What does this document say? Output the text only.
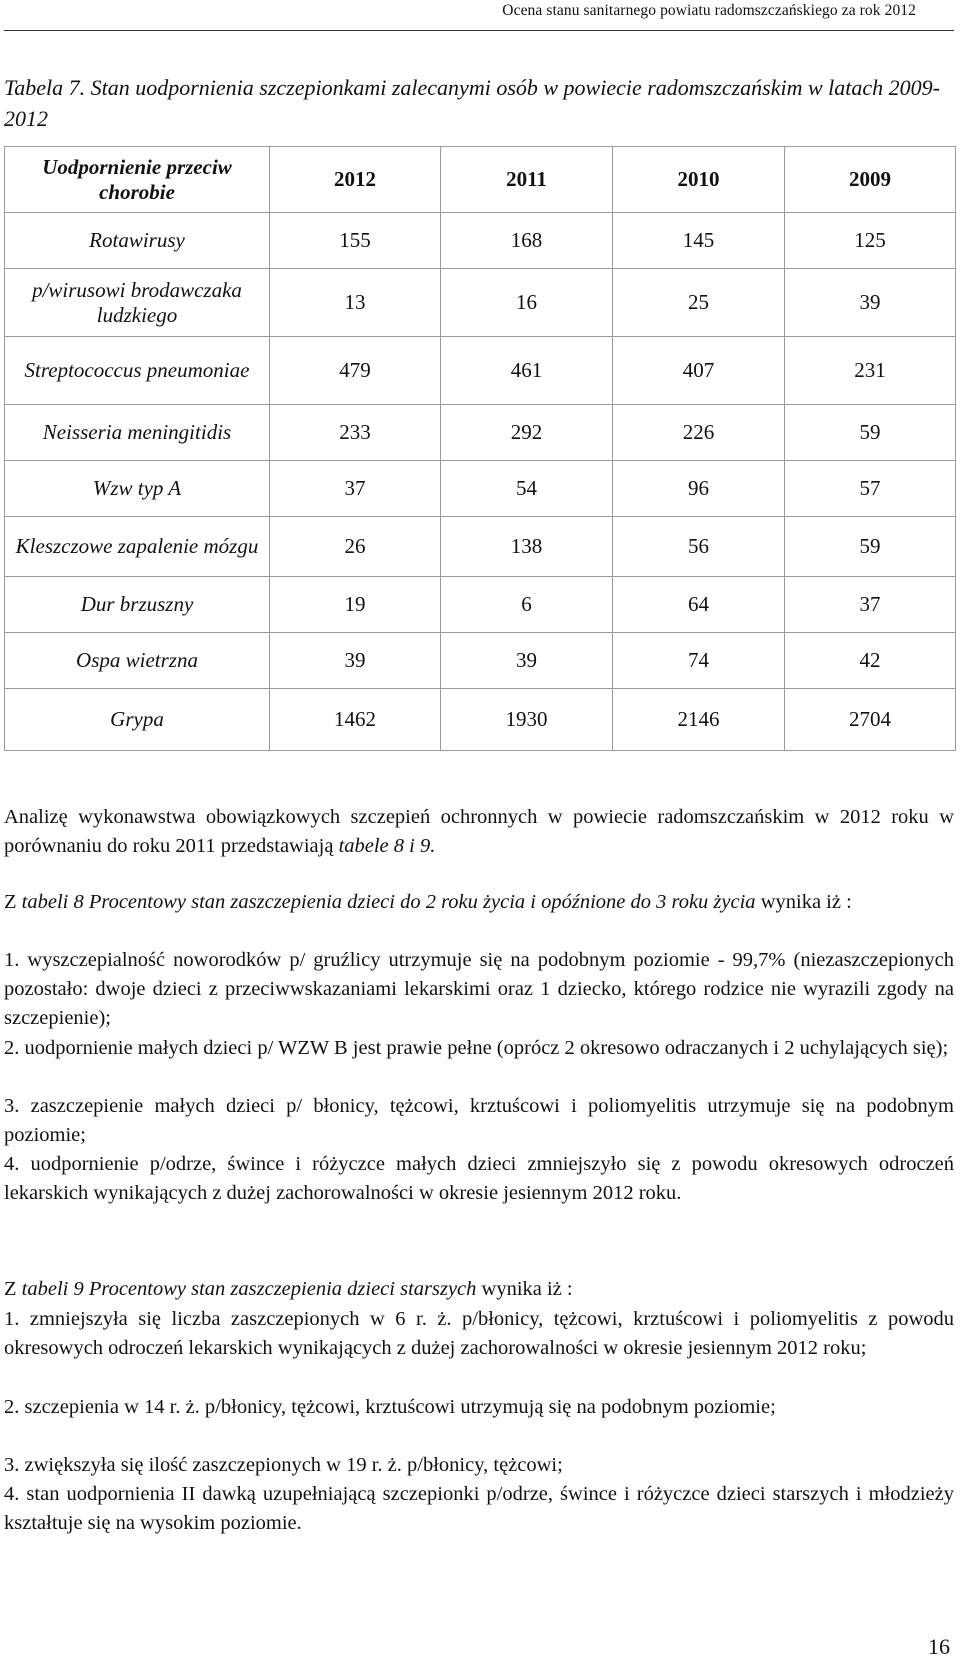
Ocena stanu sanitarnego powiatu radomszczańskiego za rok 2012
Tabela 7. Stan uodpornienia szczepionkami zalecanymi osób w powiecie radomszczańskim w latach 2009-2012
Uodpornienie przeciw chorobie	2012	2011	2010	2009
Rotawirusy	155	168	145	125
p/wirusowi brodawczaka ludzkiego	13	16	25	39
Streptococcus pneumoniae	479	461	407	231
Neisseria meningitidis	233	292	226	59
Wzw typ A	37	54	96	57
Kleszczowe zapalenie mózgu	26	138	56	59
Dur brzuszny	19	6	64	37
Ospa wietrzna	39	39	74	42
Grypa	1462	1930	2146	2704
Analizę wykonawstwa obowiązkowych szczepień ochronnych w powiecie radomszczańskim w 2012 roku w porównaniu do roku 2011 przedstawiają tabele 8 i 9.
Z tabeli 8 Procentowy stan zaszczepienia dzieci do 2 roku życia i opóźnione do 3 roku życia wynika iż :
1. wyszczepialność noworodków p/ gruźlicy utrzymuje się na podobnym poziomie - 99,7% (niezaszczepionych pozostało: dwoje dzieci z przeciwwskazaniami lekarskimi oraz 1 dziecko, którego rodzice nie wyrazili zgody na szczepienie);
2. uodpornienie małych dzieci p/ WZW B jest prawie pełne (oprócz 2 okresowo odraczanych i 2 uchylających się);
3. zaszczepienie małych dzieci p/ błonicy, tężcowi, krztuścowi i poliomyelitis utrzymuje się na podobnym poziomie;
4. uodpornienie p/odrze, śwince i różyczce małych dzieci zmniejszyło się z powodu okresowych odroczeń lekarskich wynikających z dużej zachorowalności w okresie jesiennym 2012 roku.
Z tabeli 9 Procentowy stan zaszczepienia dzieci starszych wynika iż :
1. zmniejszyła się liczba zaszczepionych w 6 r. ż. p/błonicy, tężcowi, krztuścowi i poliomyelitis z powodu okresowych odroczeń lekarskich wynikających z dużej zachorowalności w okresie jesiennym 2012 roku;
2. szczepienia w 14 r. ż. p/błonicy, tężcowi, krztuścowi utrzymują się na podobnym poziomie;
3. zwiększyła się ilość zaszczepionych w 19 r. ż. p/błonicy, tężcowi;
4. stan uodpornienia II dawką uzupełniającą szczepionki p/odrze, śwince i różyczce dzieci starszych i młodzieży kształtuje się na wysokim poziomie.
16
